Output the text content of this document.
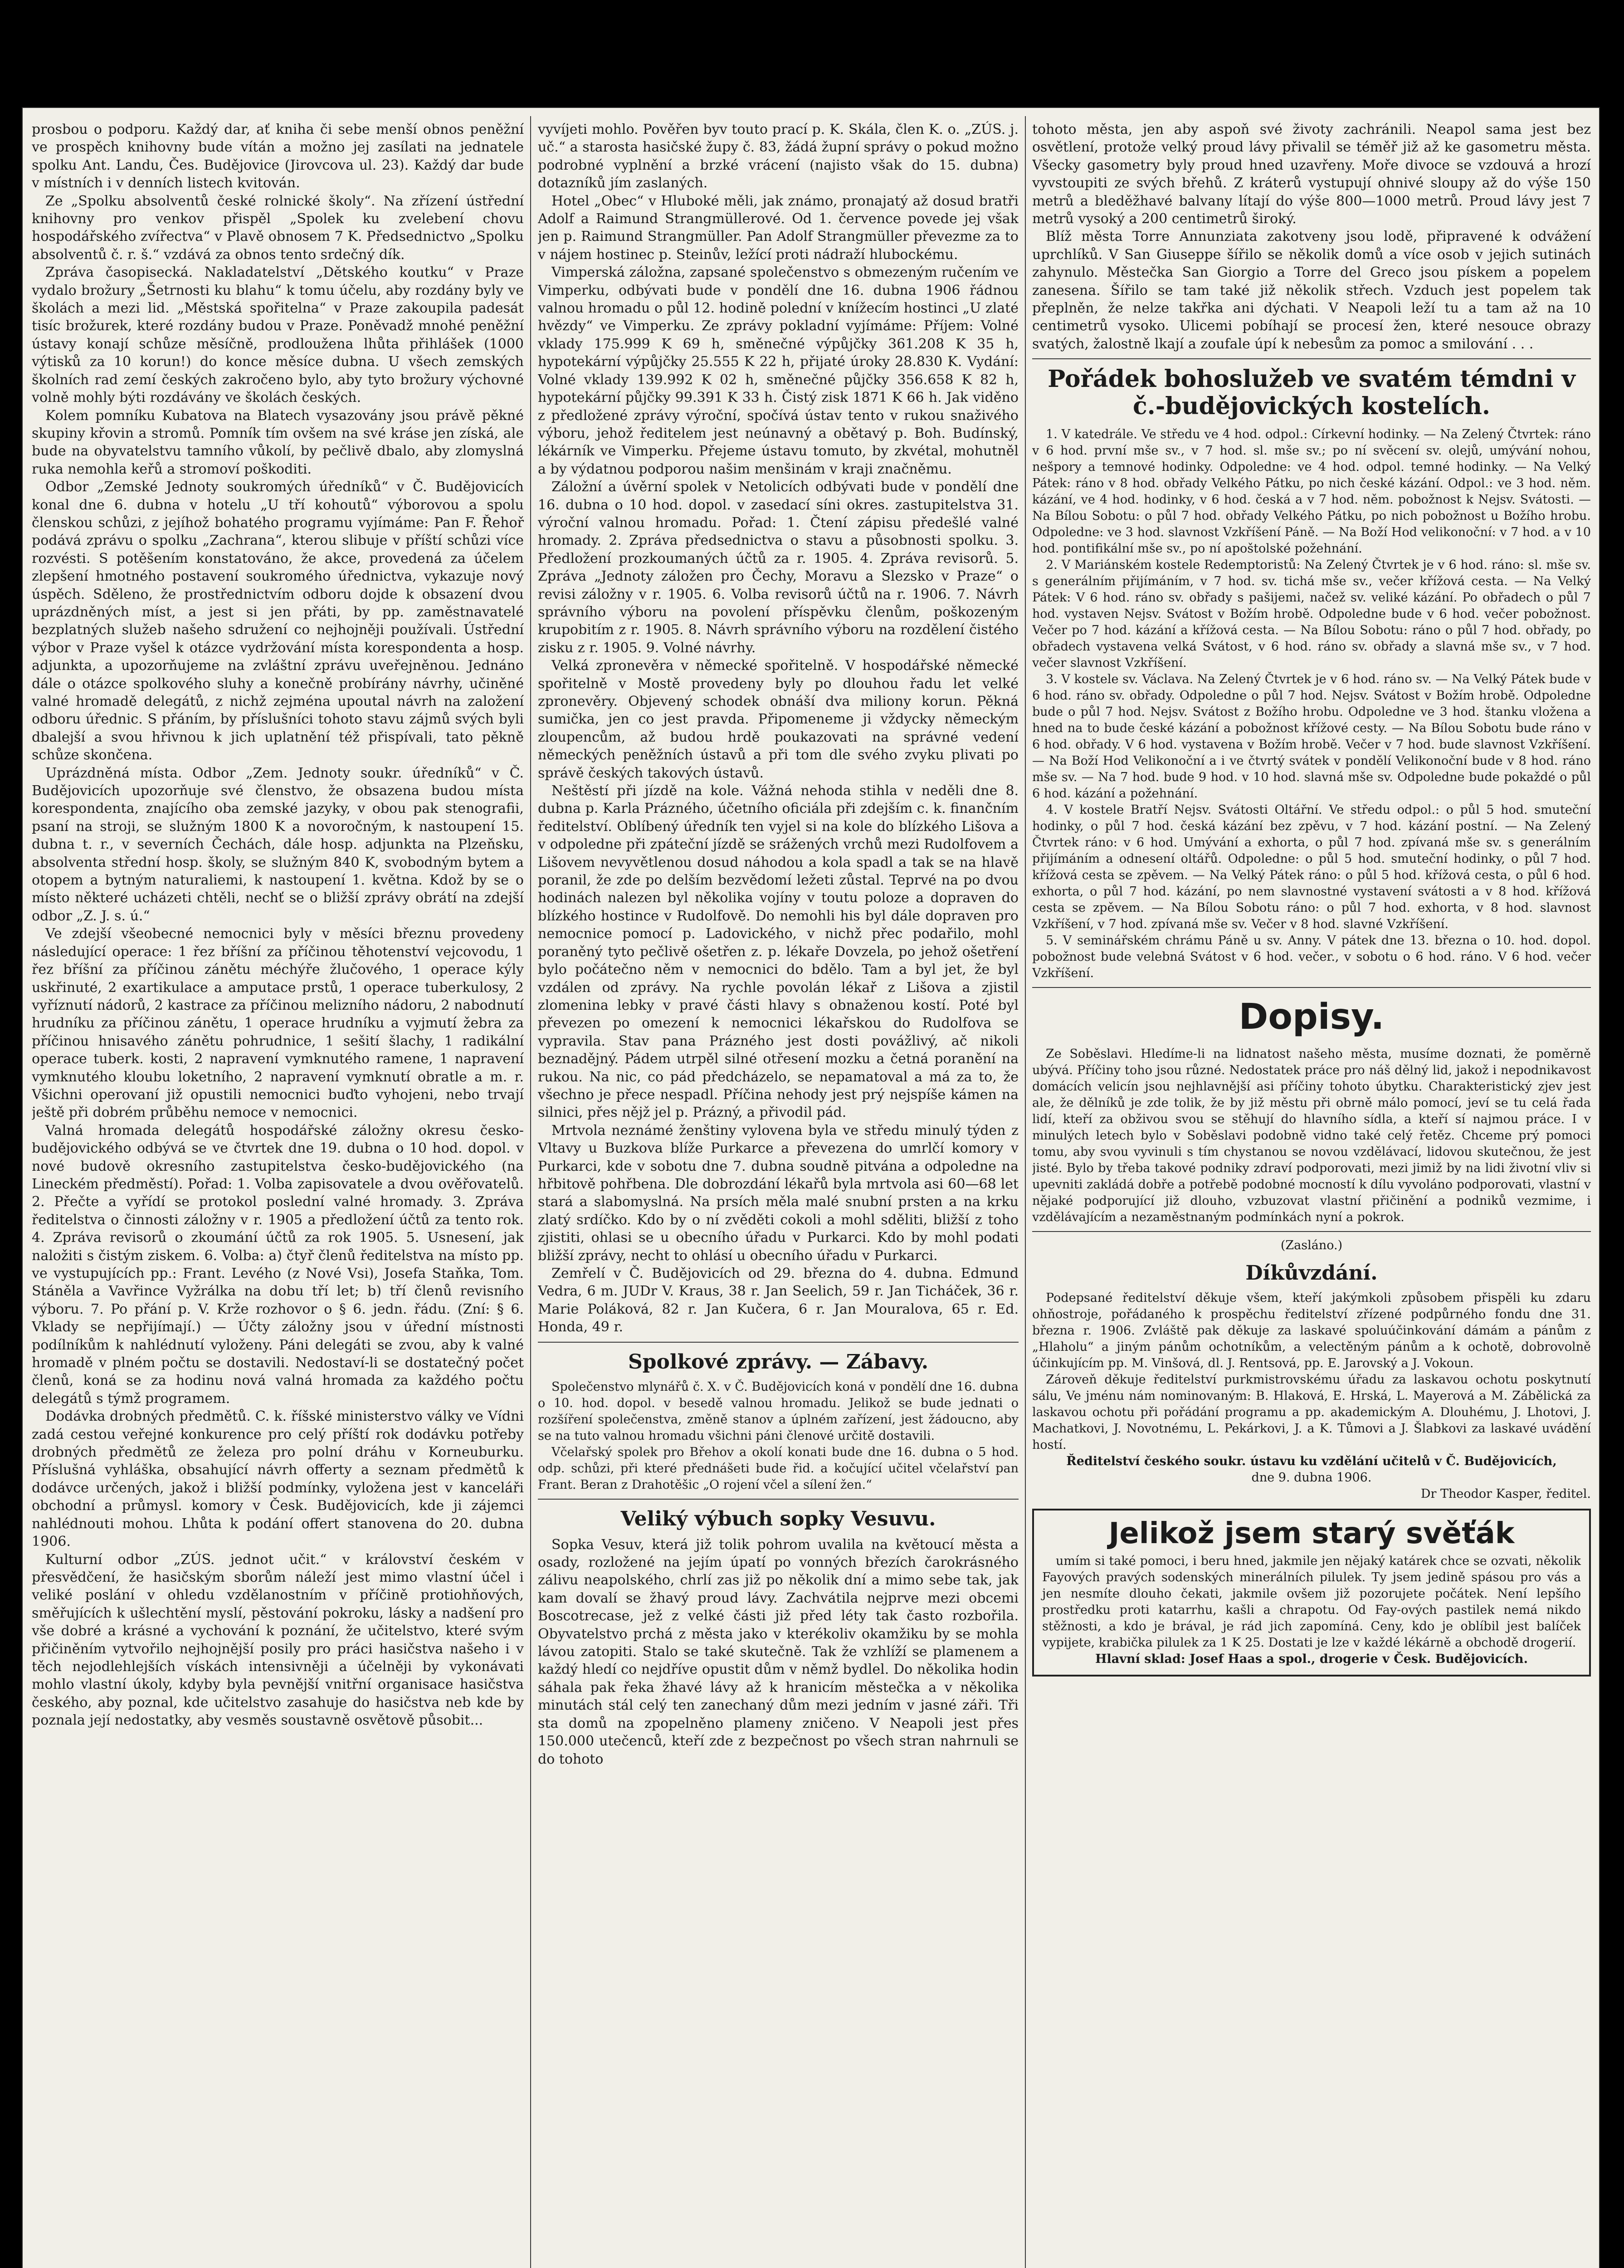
prosbou o podporu. Každý dar, ať kniha či sebe menší obnos peněžní ve prospěch knihovny bude vítán a možno jej zasílati na jednatele spolku Ant. Landu, Čes. Budějovice (Jirovcova ul. 23). Každý dar bude v místních i v denních listech kvitován.

Ze „Spolku absolventů české rolnické školy“. Na zřízení ústřední knihovny pro venkov přispěl „Spolek ku zvelebení chovu hospodářského zvířectva“ v Plavě obnosem 7 K. Předsednictvo „Spolku absolventů č. r. š.“ vzdává za obnos tento srdečný dík.

Zpráva časopisecká. Nakladatelství „Dětského koutku“ v Praze vydalo brožury „Šetrnosti ku blahu“ k tomu účelu, aby rozdány byly ve školách a mezi lid. „Městská spořitelna“ v Praze zakoupila padesát tisíc brožurek, které rozdány budou v Praze. Poněvadž mnohé peněžní ústavy konají schůze měsíčně, prodloužena lhůta přihlášek (1000 výtisků za 10 korun!) do konce měsíce dubna. U všech zemských školních rad zemí českých zakročeno bylo, aby tyto brožury výchovné volně mohly býti rozdávány ve školách českých.

Kolem pomníku Kubatova na Blatech vysazovány jsou právě pěkné skupiny křovin a stromů. Pomník tím ovšem na své kráse jen získá, ale bude na obyvatelstvu tamního vůkolí, by pečlivě dbalo, aby zlomyslná ruka nemohla keřů a stromoví poškoditi.

Odbor „Zemské Jednoty soukromých úředníků“ v Č. Budějovicích konal dne 6. dubna v hotelu „U tří kohoutů“ výborovou a spolu členskou schůzi, z jejíhož bohatého programu vyjímáme: Pan F. Řehoř podává zprávu o spolku „Zachrana“, kterou slibuje v příští schůzi více rozvésti. S potěšením konstatováno, že akce, provedená za účelem zlepšení hmotného postavení soukromého úřednictva, vykazuje nový úspěch. Sděleno, že prostřednictvím odboru dojde k obsazení dvou uprázdněných míst, a jest si jen přáti, by pp. zaměstnavatelé bezplatných služeb našeho sdružení co nejhojněji používali. Ústřední výbor v Praze vyšel k otázce vydržování místa korespondenta a hosp. adjunkta, a upozorňujeme na zvláštní zprávu uveřejněnou. Jednáno dále o otázce spolkového sluhy a konečně probírány návrhy, učiněné valné hromadě delegátů, z nichž zejména upoutal návrh na založení odboru úřednic. S přáním, by příslušníci tohoto stavu zájmů svých byli dbalejší a svou hřivnou k jich uplatnění též přispívali, tato pěkně schůze skončena.

Uprázdněná místa. Odbor „Zem. Jednoty soukr. úředníků“ v Č. Budějovicích upozorňuje své členstvo, že obsazena budou místa korespondenta, znajícího oba zemské jazyky, v obou pak stenografii, psaní na stroji, se služným 1800 K a novoročným, k nastoupení 15. dubna t. r., v severních Čechách, dále hosp. adjunkta na Plzeňsku, absolventa střední hosp. školy, se služným 840 K, svobodným bytem a otopem a bytným naturaliemi, k nastoupení 1. května. Kdož by se o místo některé ucházeti chtěli, nechť se o bližší zprávy obrátí na zdejší odbor „Z. J. s. ú.“

Ve zdejší všeobecné nemocnici byly v měsíci březnu provedeny následující operace: 1 řez bříšní za příčinou těhotenství vejcovodu, 1 řez bříšní za příčinou zánětu méchýře žlučového, 1 operace kýly uskřinuté, 2 exartikulace a amputace prstů, 1 operace tuberkulosy, 2 vyříznutí nádorů, 2 kastrace za příčinou melizního nádoru, 2 nabodnutí hrudníku za příčinou zánětu, 1 operace hrudníku a vyjmutí žebra za příčinou hnisavého zánětu pohrudnice, 1 sešití šlachy, 1 radikální operace tuberk. kosti, 2 napravení vymknutého ramene, 1 napravení vymknutého kloubu loketního, 2 napravení vymknutí obratle a m. r. Všichni operovaní již opustili nemocnici buďto vyhojeni, nebo trvají ještě při dobrém průběhu nemoce v nemocnici.

Valná hromada delegátů hospodářské záložny okresu česko-budějovického odbývá se ve čtvrtek dne 19. dubna o 10 hod. dopol. v nové budově okresního zastupitelstva česko-budějovického (na Lineckém předměstí). Pořad: 1. Volba zapisovatele a dvou ověřovatelů. 2. Přečte a vyřídí se protokol poslední valné hromady. 3. Zpráva ředitelstva o činnosti záložny v r. 1905 a předložení účtů za tento rok. 4. Zpráva revisorů o zkoumání účtů za rok 1905. 5. Usnesení, jak naložiti s čistým ziskem. 6. Volba: a) čtyř členů ředitelstva na místo pp. ve vystupujících pp.: Frant. Levého (z Nové Vsi), Josefa Staňka, Tom. Stáněla a Vavřince Vyžrálka na dobu tří let; b) tří členů revisního výboru. 7. Po přání p. V. Krže rozhovor o § 6. jedn. řádu. (Zní: § 6. Vklady se nepřijímají.) — Účty záložny jsou v úřední místnosti podílníkům k nahlédnutí vyloženy. Páni delegáti se zvou, aby k valné hromadě v plném počtu se dostavili. Nedostaví-li se dostatečný počet členů, koná se za hodinu nová valná hromada za každého počtu delegátů s týmž programem.

Dodávka drobných předmětů. C. k. říšské ministerstvo války ve Vídni zadá cestou veřejné konkurence pro celý příští rok dodávku potřeby drobných předmětů ze železa pro polní dráhu v Korneuburku. Příslušná vyhláška, obsahující návrh offerty a seznam předmětů k dodávce určených, jakož i bližší podmínky, vyložena jest v kanceláři obchodní a průmysl. komory v Česk. Budějovicích, kde ji zájemci nahlédnouti mohou. Lhůta k podání offert stanovena do 20. dubna 1906.

Kulturní odbor „ZÚS. jednot učit.“ v království českém v přesvědčení, že hasičským sborům náleží jest mimo vlastní účel i veliké poslání v ohledu vzdělanostním v příčině protiohňových, směřujících k ušlechtění myslí, pěstování pokroku, lásky a nadšení pro vše dobré a krásné a vychování k poznání, že učitelstvo, které svým přičiněním vytvořilo nejhojnější posily pro práci hasičstva našeho i v těch nejodlehlejších vískách intensivněji a účelněji by vykonávati mohlo vlastní úkoly, kdyby byla pevnější vnitřní organisace hasičstva českého, aby poznal, kde učitelstvo zasahuje do hasičstva neb kde by poznala její nedostatky, aby vesměs soustavně osvětově působit...

vyvíjeti mohlo. Pověřen byv touto prací p. K. Skála, člen K. o. „ZÚS. j. uč.“ a starosta hasičské župy č. 83, žádá župní správy o pokud možno podrobné vyplnění a brzké vrácení (najisto však do 15. dubna) dotazníků jím zaslaných.

Hotel „Obec“ v Hluboké měli, jak známo, pronajatý až dosud bratři Adolf a Raimund Strangmüllerové. Od 1. července povede jej však jen p. Raimund Strangmüller. Pan Adolf Strangmüller převezme za to v nájem hostinec p. Steinův, ležící proti nádraží hlubockému.

Vimperská záložna, zapsané společenstvo s obmezeným ručením ve Vimperku, odbývati bude v pondělí dne 16. dubna 1906 řádnou valnou hromadu o půl 12. hodině polední v knížecím hostinci „U zlaté hvězdy“ ve Vimperku. Ze zprávy pokladní vyjímáme: Příjem: Volné vklady 175.999 K 69 h, směnečné výpůjčky 361.208 K 35 h, hypotekární výpůjčky 25.555 K 22 h, přijaté úroky 28.830 K. Vydání: Volné vklady 139.992 K 02 h, směnečné půjčky 356.658 K 82 h, hypotekární půjčky 99.391 K 33 h. Čistý zisk 1871 K 66 h. Jak viděno z předložené zprávy výroční, spočívá ústav tento v rukou snaživého výboru, jehož ředitelem jest neúnavný a obětavý p. Boh. Budínský, lékárník ve Vimperku. Přejeme ústavu tomuto, by zkvétal, mohutněl a by výdatnou podporou našim menšinám v kraji značněmu.

Záložní a úvěrní spolek v Netolicích odbývati bude v pondělí dne 16. dubna o 10 hod. dopol. v zasedací síni okres. zastupitelstva 31. výroční valnou hromadu. Pořad: 1. Čtení zápisu předešlé valné hromady. 2. Zpráva předsednictva o stavu a působnosti spolku. 3. Předložení prozkoumaných účtů za r. 1905. 4. Zpráva revisorů. 5. Zpráva „Jednoty záložen pro Čechy, Moravu a Slezsko v Praze“ o revisi záložny v r. 1905. 6. Volba revisorů účtů na r. 1906. 7. Návrh správního výboru na povolení příspěvku členům, poškozeným krupobitím z r. 1905. 8. Návrh správního výboru na rozdělení čistého zisku z r. 1905. 9. Volné návrhy.

Velká zpronevěra v německé spořitelně. V hospodářské německé spořitelně v Mostě provedeny byly po dlouhou řadu let velké zpronevěry. Objevený schodek obnáší dva miliony korun. Pěkná sumička, jen co jest pravda. Připomeneme ji vždycky německým zloupencům, až budou hrdě poukazovati na správné vedení německých peněžních ústavů a při tom dle svého zvyku plivati po správě českých takových ústavů.

Neštěstí při jízdě na kole. Vážná nehoda stihla v neděli dne 8. dubna p. Karla Prázného, účetního oficiála při zdejším c. k. finančním ředitelství. Oblíbený úředník ten vyjel si na kole do blízkého Lišova a v odpoledne při zpáteční jízdě se srážených vrchů mezi Rudolfovem a Lišovem nevyvětlenou dosud náhodou a kola spadl a tak se na hlavě poranil, že zde po delším bezvědomí ležeti zůstal. Teprvé na po dvou hodinách nalezen byl několika vojíny v toutu poloze a dopraven do blízkého hostince v Rudolfově. Do nemohli his byl dále dopraven pro nemocnice pomocí p. Ladovického, v nichž přec podařilo, mohl poraněný tyto pečlivě ošetřen z. p. lékaře Dovzela, po jehož ošetření bylo počátečno něm v nemocnici do bdělo. Tam a byl jet, že byl vzdálen od zprávy. Na rychle povolán lékař z Lišova a zjistil zlomenina lebky v pravé části hlavy s obnaženou kostí. Poté byl převezen po omezení k nemocnici lékařskou do Rudolfova se vypravila. Stav pana Prázného jest dosti povážlivý, ač nikoli beznadějný. Pádem utrpěl silné otřesení mozku a četná poranění na rukou. Na nic, co pád předcházelo, se nepamatoval a má za to, že všechno je přece nespadl. Příčina nehody jest prý nejspíše kámen na silnici, přes nějž jel p. Prázný, a přivodil pád.

Mrtvola neznámé ženštiny vylovena byla ve středu minulý týden z Vltavy u Buzkova blíže Purkarce a převezena do umrlčí komory v Purkarci, kde v sobotu dne 7. dubna soudně pitvána a odpoledne na hřbitově pohřbena. Dle dobrozdání lékařů byla mrtvola asi 60—68 let stará a slabomyslná. Na prsích měla malé snubní prsten a na krku zlatý srdíčko. Kdo by o ní zvěděti cokoli a mohl sděliti, bližší z toho zjistiti, ohlasi se u obecního úřadu v Purkarci. Kdo by mohl podati bližší zprávy, necht to ohlásí u obecního úřadu v Purkarci.

Zemřelí v Č. Budějovicích od 29. března do 4. dubna. Edmund Vedra, 6 m. JUDr V. Kraus, 38 r. Jan Seelich, 59 r. Jan Ticháček, 36 r. Marie Poláková, 82 r. Jan Kučera, 6 r. Jan Mouralova, 65 r. Ed. Honda, 49 r.

Spolkové zprávy. — Zábavy.

Společenstvo mlynářů č. X. v Č. Budějovicích koná v pondělí dne 16. dubna o 10. hod. dopol. v besedě valnou hromadu. Jelikož se bude jednati o rozšíření společenstva, změně stanov a úplném zařízení, jest žádoucno, aby se na tuto valnou hromadu všichni páni členové určitě dostavili.

Včelařský spolek pro Břehov a okolí konati bude dne 16. dubna o 5 hod. odp. schůzi, při které přednášeti bude řid. a kočující učitel včelařství pan Frant. Beran z Drahotěšic „O rojení včel a sílení žen.“

Veliký výbuch sopky Vesuvu.

Sopka Vesuv, která již tolik pohrom uvalila na květoucí města a osady, rozložené na jejím úpatí po vonných březích čarokrásného zálivu neapolského, chrlí zas již po několik dní a mimo sebe tak, jak kam dovalí se žhavý proud lávy. Zachvátila nejprve mezi obcemi Boscotrecase, jež z velké části již před léty tak často rozbořila. Obyvatelstvo prchá z města jako v kterékoliv okamžiku by se mohla lávou zatopiti. Stalo se také skutečně. Tak že vzhlíží se plamenem a každý hledí co nejdříve opustit dům v němž bydlel. Do několika hodin sáhala pak řeka žhavé lávy až k hranicím městečka a v několika minutách stál celý ten zanechaný dům mezi jedním v jasné záři. Tři sta domů na zpopelněno plameny zničeno. V Neapoli jest přes 150.000 utečenců, kteří zde z bezpečnost po všech stran nahrnuli se do tohoto

tohoto města, jen aby aspoň své životy zachránili. Neapol sama jest bez osvětlení, protože velký proud lávy přivalil se téměř již až ke gasometru města. Všecky gasometry byly proud hned uzavřeny. Moře divoce se vzdouvá a hrozí vyvstoupiti ze svých břehů. Z kráterů vystupují ohnivé sloupy až do výše 150 metrů a bleděžhavé balvany lítají do výše 800—1000 metrů. Proud lávy jest 7 metrů vysoký a 200 centimetrů široký.

Blíž města Torre Annunziata zakotveny jsou lodě, připravené k odvážení uprchlíků. V San Giuseppe šířilo se několik domů a více osob v jejich sutinách zahynulo. Městečka San Giorgio a Torre del Greco jsou pískem a popelem zanesena. Šířilo se tam také již několik střech. Vzduch jest popelem tak přeplněn, že nelze takřka ani dýchati. V Neapoli leží tu a tam až na 10 centimetrů vysoko. Ulicemi pobíhají se procesí žen, které nesouce obrazy svatých, žalostně lkají a zoufale úpí k nebesům za pomoc a smilování . . .

Pořádek bohoslužeb ve svatém témdni v č.-budějovických kostelích.

1. V katedrále. Ve středu ve 4 hod. odpol.: Církevní hodinky. — Na Zelený Čtvrtek: ráno v 6 hod. první mše sv., v 7 hod. sl. mše sv.; po ní svěcení sv. olejů, umývání nohou, nešpory a temnové hodinky. Odpoledne: ve 4 hod. odpol. temné hodinky. — Na Velký Pátek: ráno v 8 hod. obřady Velkého Pátku, po nich české kázání. Odpol.: ve 3 hod. něm. kázání, ve 4 hod. hodinky, v 6 hod. česká a v 7 hod. něm. pobožnost k Nejsv. Svátosti. — Na Bílou Sobotu: o půl 7 hod. obřady Velkého Pátku, po nich pobožnost u Božího hrobu. Odpoledne: ve 3 hod. slavnost Vzkříšení Páně. — Na Boží Hod velikonoční: v 7 hod. a v 10 hod. pontifikální mše sv., po ní apoštolské požehnání.

2. V Mariánském kostele Redemptoristů: Na Zelený Čtvrtek je v 6 hod. ráno: sl. mše sv. s generálním přijímáním, v 7 hod. sv. tichá mše sv., večer křížová cesta. — Na Velký Pátek: V 6 hod. ráno sv. obřady s pašijemi, načež sv. veliké kázání. Po obřadech o půl 7 hod. vystaven Nejsv. Svátost v Božím hrobě. Odpoledne bude v 6 hod. večer pobožnost. Večer po 7 hod. kázání a křížová cesta. — Na Bílou Sobotu: ráno o půl 7 hod. obřady, po obřadech vystavena velká Svátost, v 6 hod. ráno sv. obřady a slavná mše sv., v 7 hod. večer slavnost Vzkříšení.

3. V kostele sv. Václava. Na Zelený Čtvrtek je v 6 hod. ráno sv. — Na Velký Pátek bude v 6 hod. ráno sv. obřady. Odpoledne o půl 7 hod. Nejsv. Svátost v Božím hrobě. Odpoledne bude o půl 7 hod. Nejsv. Svátost z Božího hrobu. Odpoledne ve 3 hod. štanku vložena a hned na to bude české kázání a pobožnost křížové cesty. — Na Bílou Sobotu bude ráno v 6 hod. obřady. V 6 hod. vystavena v Božím hrobě. Večer v 7 hod. bude slavnost Vzkříšení. — Na Boží Hod Velikonoční a i ve čtvrtý svátek v pondělí Velikonoční bude v 8 hod. ráno mše sv. — Na 7 hod. bude 9 hod. v 10 hod. slavná mše sv. Odpoledne bude pokaždé o půl 6 hod. kázání a požehnání.

4. V kostele Bratří Nejsv. Svátosti Oltářní. Ve středu odpol.: o půl 5 hod. smuteční hodinky, o půl 7 hod. česká kázání bez zpěvu, v 7 hod. kázání postní. — Na Zelený Čtvrtek ráno: v 6 hod. Umývání a exhorta, o půl 7 hod. zpívaná mše sv. s generálním přijímáním a odnesení oltářů. Odpoledne: o půl 5 hod. smuteční hodinky, o půl 7 hod. křížová cesta se zpěvem. — Na Velký Pátek ráno: o půl 5 hod. křížová cesta, o půl 6 hod. exhorta, o půl 7 hod. kázání, po nem slavnostné vystavení svátosti a v 8 hod. křížová cesta se zpěvem. — Na Bílou Sobotu ráno: o půl 7 hod. exhorta, v 8 hod. slavnost Vzkříšení, v 7 hod. zpívaná mše sv. Večer v 8 hod. slavné Vzkříšení.

5. V seminářském chrámu Páně u sv. Anny. V pátek dne 13. března o 10. hod. dopol. pobožnost bude velebná Svátost v 6 hod. večer., v sobotu o 6 hod. ráno. V 6 hod. večer Vzkříšení.

Dopisy.

Ze Soběslavi. Hledíme-li na lidnatost našeho města, musíme doznati, že poměrně ubývá. Příčiny toho jsou různé. Nedostatek práce pro náš dělný lid, jakož i nepodnikavost domácích velicín jsou nejhlavnější asi příčiny tohoto úbytku. Charakteristický zjev jest ale, že dělníků je zde tolik, že by již městu při obrně málo pomocí, jeví se tu celá řada lidí, kteří za obživou svou se stěhují do hlavního sídla, a kteří sí najmou práce. I v minulých letech bylo v Soběslavi podobně vidno také celý řetěz. Chceme prý pomoci tomu, aby svou vyvinuli s tím chystanou se novou vzdělávací, lidovou skutečnou, že jest jisté. Bylo by třeba takové podniky zdraví podporovati, mezi jimiž by na lidi životní vliv si upevniti zakládá dobře a potřebě podobné mocností k dílu vyvoláno podporovati, vlastní v nějaké podporující již dlouho, vzbuzovat vlastní přičinění a podniků vezmime, i vzdělávajícím a nezaměstnaným podmínkách nyní a pokrok.

(Zasláno.)

Díkůvzdání.

Podepsané ředitelství děkuje všem, kteří jakýmkoli způsobem přispěli ku zdaru ohňostroje, pořádaného k prospěchu ředitelství zřízené podpůrného fondu dne 31. března r. 1906. Zvláště pak děkuje za laskavé spoluúčinkování dámám a pánům z „Hlaholu“ a jiným pánům ochotníkům, a velectěným pánům a k ochotě, dobrovolně účinkujícím pp. M. Vinšová, dl. J. Rentsová, pp. E. Jarovský a J. Vokoun.

Zároveň děkuje ředitelství purkmistrovskému úřadu za laskavou ochotu poskytnutí sálu, Ve jménu nám nominovaným: B. Hlaková, E. Hrská, L. Mayerová a M. Zábělická za laskavou ochotu při pořádání programu a pp. akademickým A. Dlouhému, J. Lhotovi, J. Machatkovi, J. Novotnému, L. Pekárkovi, J. a K. Tůmovi a J. Šlabkovi za laskavé uvádění hostí.

Ředitelství českého soukr. ústavu ku vzdělání učitelů v Č. Budějovicích,

dne 9. dubna 1906.

Dr Theodor Kasper, ředitel.

Jelikož jsem starý svěťák

umím si také pomoci, i beru hned, jakmile jen nějaký katárek chce se ozvati, několik Fayových pravých sodenských minerálních pilulek. Ty jsem jedině spásou pro vás a jen nesmíte dlouho čekati, jakmile ovšem již pozorujete počátek. Není lepšího prostředku proti katarrhu, kašli a chrapotu. Od Fay-ových pastilek nemá nikdo stěžnosti, a kdo je brával, je rád jich zapomíná. Ceny, kdo je oblíbil jest balíček vypijete, krabička pilulek za 1 K 25. Dostati je lze v každé lékárně a obchodě drogerií.

Hlavní sklad: Josef Haas a spol., drogerie v Česk. Budějovicích.
